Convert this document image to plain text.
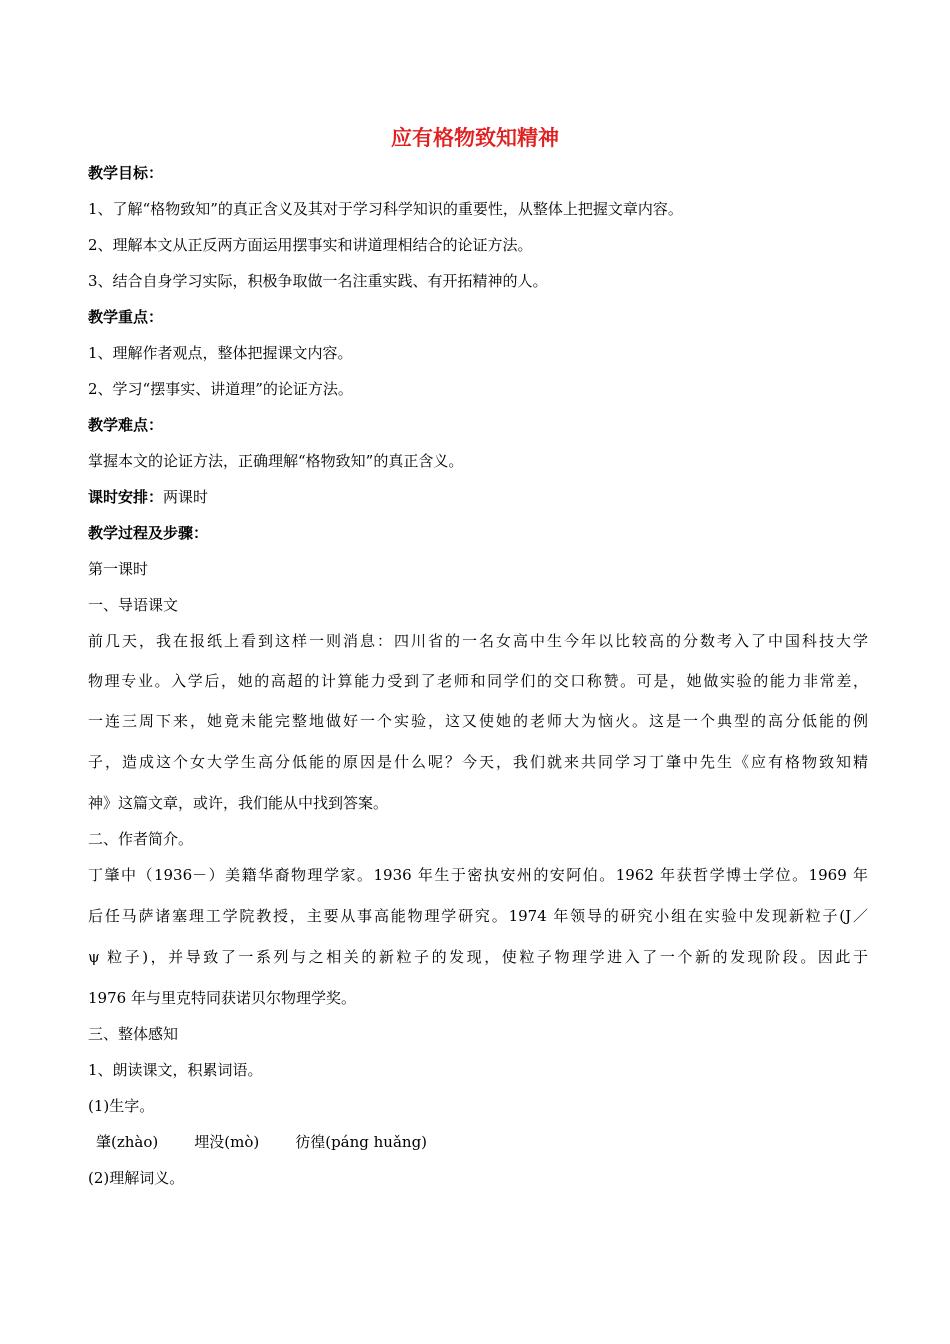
应有格物致知精神
教学目标：
1、了解“格物致知”的真正含义及其对于学习科学知识的重要性，从整体上把握文章内容。
2、理解本文从正反两方面运用摆事实和讲道理相结合的论证方法。
3、结合自身学习实际，积极争取做一名注重实践、有开拓精神的人。
教学重点：
1、理解作者观点，整体把握课文内容。
2、学习“摆事实、讲道理”的论证方法。
教学难点：
掌握本文的论证方法，正确理解“格物致知”的真正含义。
课时安排：两课时
教学过程及步骤：
第一课时
一、导语课文
前几天，我在报纸上看到这样一则消息：四川省的一名女高中生今年以比较高的分数考入了中国科技大学
物理专业。入学后，她的高超的计算能力受到了老师和同学们的交口称赞。可是，她做实验的能力非常差，
一连三周下来，她竟未能完整地做好一个实验，这又使她的老师大为恼火。这是一个典型的高分低能的例
子，造成这个女大学生高分低能的原因是什么呢？今天，我们就来共同学习丁肇中先生《应有格物致知精
神》这篇文章，或许，我们能从中找到答案。
二、作者简介。
丁肇中（1936－）美籍华裔物理学家。1936 年生于密执安州的安阿伯。1962 年获哲学博士学位。1969 年
后任马萨诸塞理工学院教授，主要从事高能物理学研究。1974 年领导的研究小组在实验中发现新粒子(J／
ψ 粒子)，并导致了一系列与之相关的新粒子的发现，使粒子物理学进入了一个新的发现阶段。因此于
1976 年与里克特同获诺贝尔物理学奖。
三、整体感知
1、朗读课文，积累词语。
(1)生字。
肇(zhào) 埋没(mò) 彷徨(páng huǎng)
(2)理解词义。
